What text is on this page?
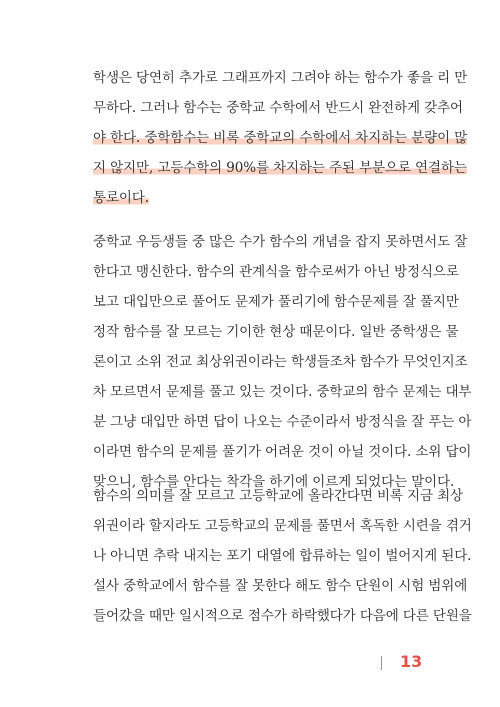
학생은 당연히 추가로 그래프까지 그려야 하는 함수가 좋을 리 만
무하다. 그러나 함수는 중학교 수학에서 반드시 완전하게 갖추어
야 한다. 중학함수는 비록 중학교의 수학에서 차지하는 분량이 많
지 않지만, 고등수학의 90%를 차지하는 주된 부분으로 연결하는
통로이다.
중학교 우등생들 중 많은 수가 함수의 개념을 잡지 못하면서도 잘
한다고 맹신한다. 함수의 관계식을 함수로써가 아닌 방정식으로
보고 대입만으로 풀어도 문제가 풀리기에 함수문제를 잘 풀지만
정작 함수를 잘 모르는 기이한 현상 때문이다. 일반 중학생은 물
론이고 소위 전교 최상위권이라는 학생들조차 함수가 무엇인지조
차 모르면서 문제를 풀고 있는 것이다. 중학교의 함수 문제는 대부
분 그냥 대입만 하면 답이 나오는 수준이라서 방정식을 잘 푸는 아
이라면 함수의 문제를 풀기가 어려운 것이 아닐 것이다. 소위 답이
맞으니, 함수를 안다는 착각을 하기에 이르게 되었다는 말이다.
함수의 의미를 잘 모르고 고등학교에 올라간다면 비록 지금 최상
위권이라 할지라도 고등학교의 문제를 풀면서 혹독한 시련을 겪거
나 아니면 추락 내지는 포기 대열에 합류하는 일이 벌어지게 된다.
설사 중학교에서 함수를 잘 못한다 해도 함수 단원이 시험 범위에
들어갔을 때만 일시적으로 점수가 하락했다가 다음에 다른 단원을
13
